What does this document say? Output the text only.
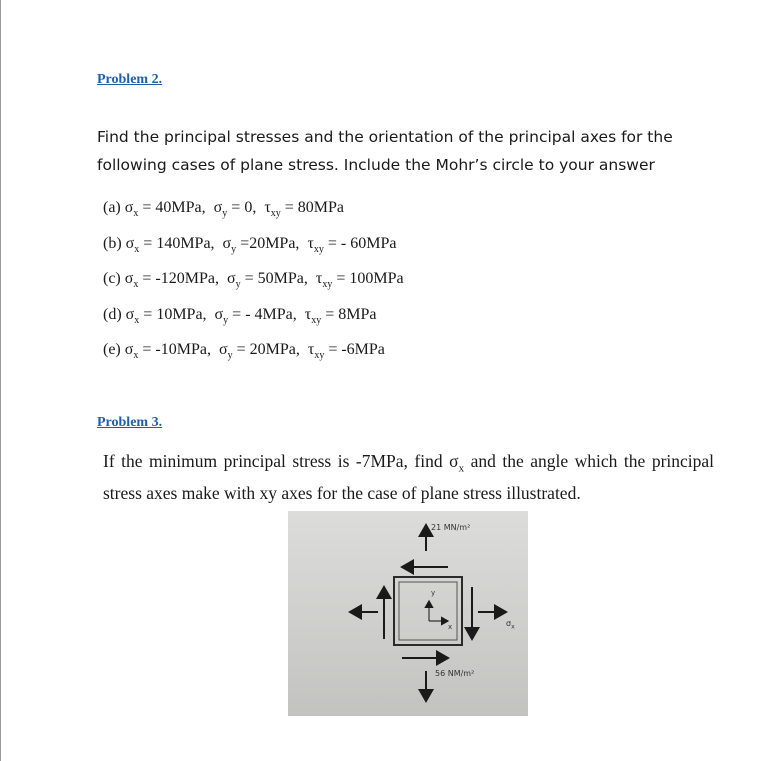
Problem 2.

Find the principal stresses and the orientation of the principal axes for the
following cases of plane stress. Include the Mohr’s circle to your answer

(a) $\sigma_x = 40MPa$,  $\sigma_y = 0$,  $\tau_{xy} = 80MPa$
(b) $\sigma_x = 140MPa$,  $\sigma_y =20MPa$,  $\tau_{xy}$ = - 60MPa
(c) $\sigma_x = -120MPa$,  $\sigma_y = 50MPa$,  $\tau_{xy} = 100MPa$
(d) $\sigma_x = 10MPa$,  $\sigma_y$ = - 4MPa,  $\tau_{xy} = 8MPa$
(e) $\sigma_x = -10MPa$,  $\sigma_y = 20MPa$,  $\tau_{xy} = -6MPa$

Problem 3.

If the minimum principal stress is -7MPa, find $\sigma_x$ and the angle which the principal stress axes make with xy axes for the case of plane stress illustrated.

21 MN/m²
56 NM/m²
y
x	$\sigma_x$
